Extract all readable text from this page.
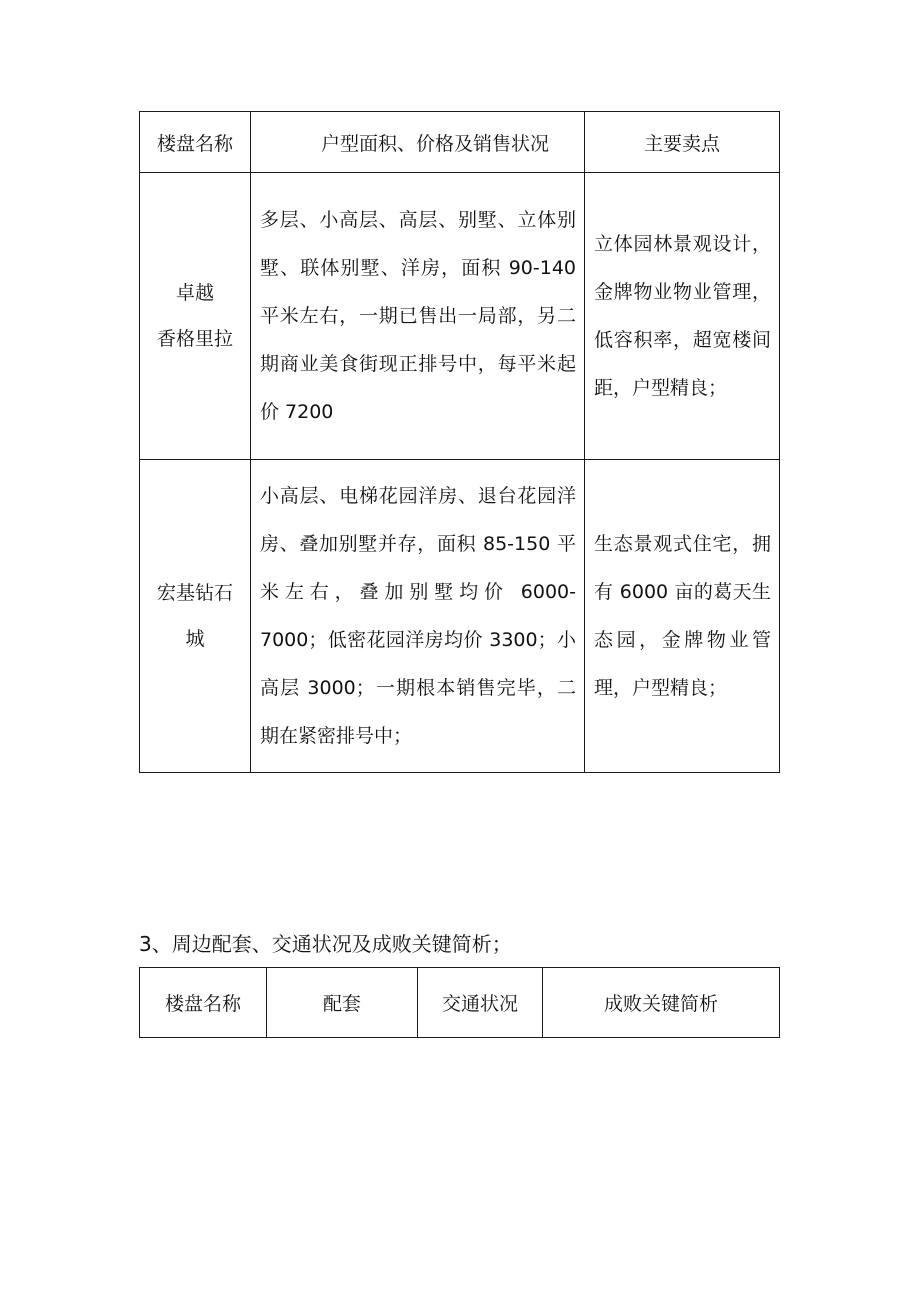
楼盘名称	户型面积、价格及销售状况	主要卖点
卓越
香格里拉	多层、小高层、高层、别墅、立体别墅、联体别墅、洋房，面积 90-140 平米左右，一期已售出一局部，另二期商业美食街现正排号中，每平米起价 7200	立体园林景观设计，金牌物业物业管理，低容积率，超宽楼间距，户型精良；
宏基钻石
城	小高层、电梯花园洋房、退台花园洋房、叠加别墅并存，面积 85-150 平米左右，叠加别墅均价 6000-7000；低密花园洋房均价 3300；小高层 3000；一期根本销售完毕，二期在紧密排号中；	生态景观式住宅，拥有 6000 亩的葛天生态园，金牌物业管理，户型精良；
3、周边配套、交通状况及成败关键简析；
楼盘名称	配套	交通状况	成败关键简析
